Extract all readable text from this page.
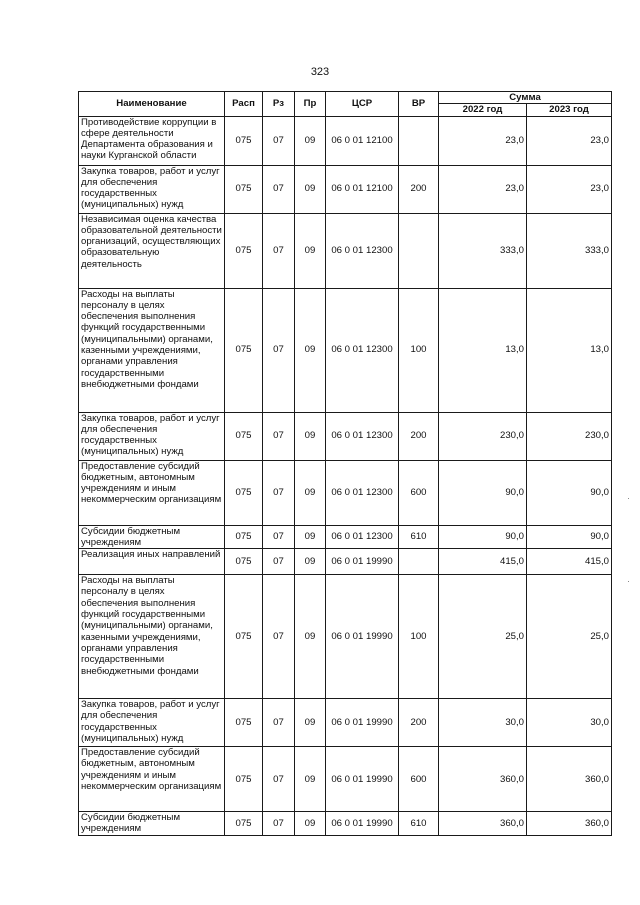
323
Наименование	Расп	Рз	Пр	ЦСР	ВР	Сумма	
						2022 год	2023 год
Противодействие коррупции в сфере деятельности Департамента образования и науки Курганской области	075	07	09	06 0 01 12100		23,0	23,0
Закупка товаров, работ и услуг для обеспечения государственных (муниципальных) нужд	075	07	09	06 0 01 12100	200	23,0	23,0
Независимая оценка качества образовательной деятельности организаций, осуществляющих образовательную деятельность	075	07	09	06 0 01 12300		333,0	333,0
Расходы на выплаты персоналу в целях обеспечения выполнения функций государственными (муниципальными) органами, казенными учреждениями, органами управления государственными внебюджетными фондами	075	07	09	06 0 01 12300	100	13,0	13,0
Закупка товаров, работ и услуг для обеспечения государственных (муниципальных) нужд	075	07	09	06 0 01 12300	200	230,0	230,0
Предоставление субсидий бюджетным, автономным учреждениям и иным некоммерческим организациям	075	07	09	06 0 01 12300	600	90,0	90,0
Субсидии бюджетным учреждениям	075	07	09	06 0 01 12300	610	90,0	90,0
Реализация иных направлений	075	07	09	06 0 01 19990		415,0	415,0
Расходы на выплаты персоналу в целях обеспечения выполнения функций государственными (муниципальными) органами, казенными учреждениями, органами управления государственными внебюджетными фондами	075	07	09	06 0 01 19990	100	25,0	25,0
Закупка товаров, работ и услуг для обеспечения государственных (муниципальных) нужд	075	07	09	06 0 01 19990	200	30,0	30,0
Предоставление субсидий бюджетным, автономным учреждениям и иным некоммерческим организациям	075	07	09	06 0 01 19990	600	360,0	360,0
Субсидии бюджетным учреждениям	075	07	09	06 0 01 19990	610	360,0	360,0
·
·
